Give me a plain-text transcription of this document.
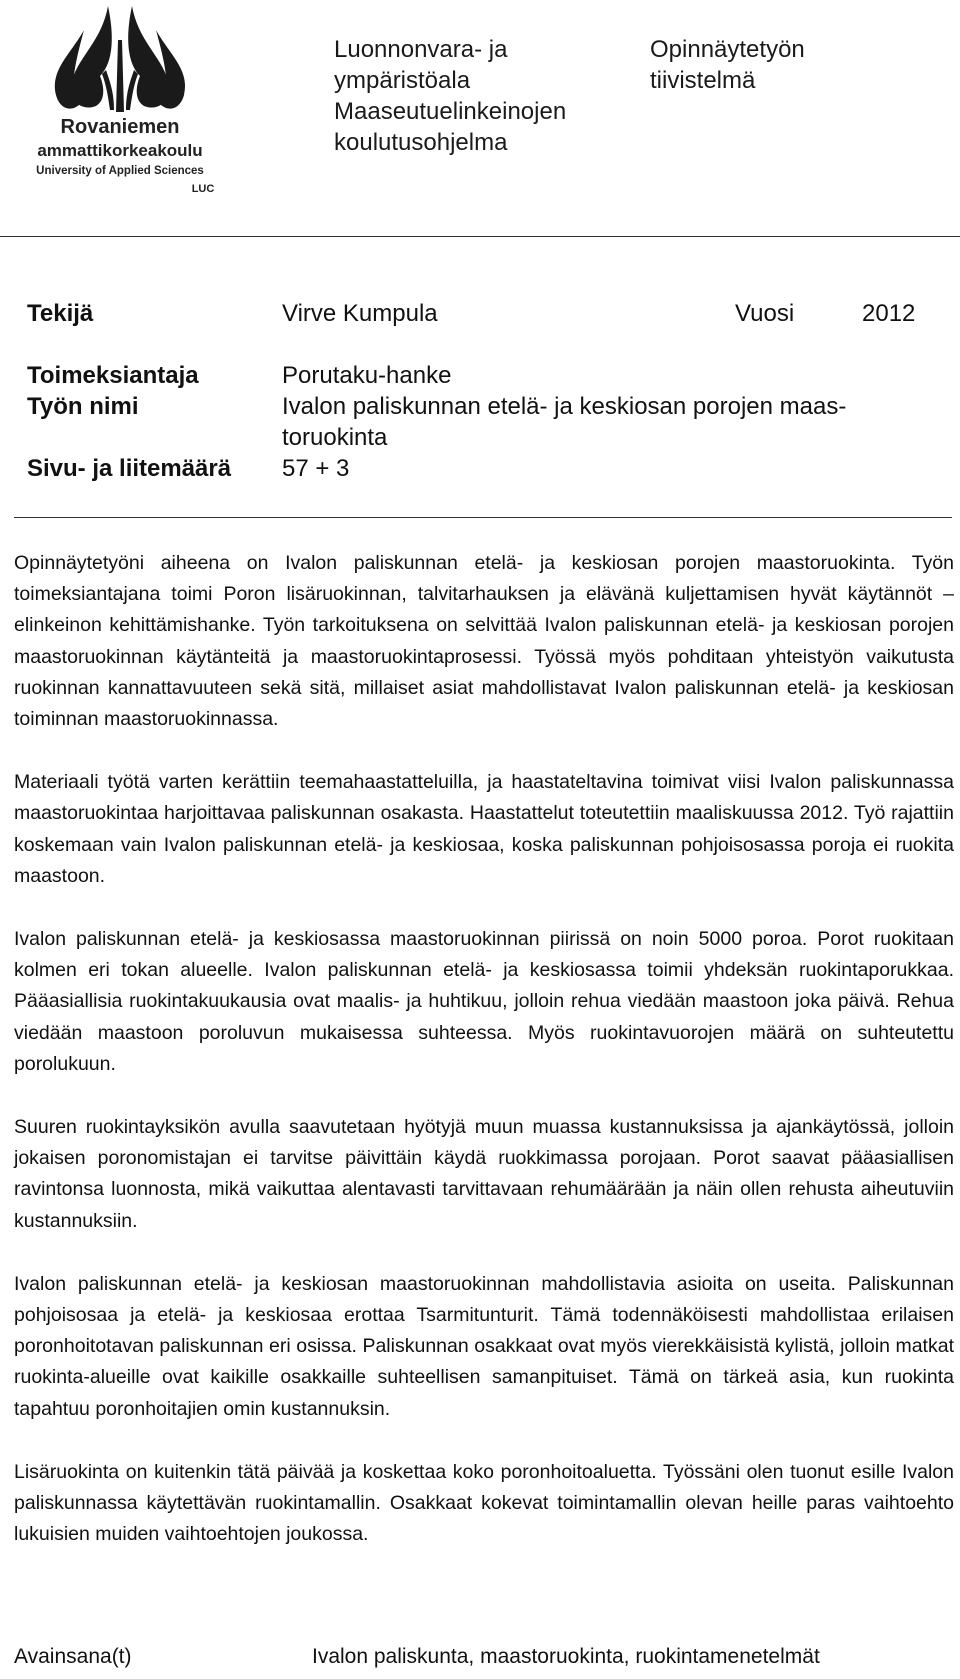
Rovaniemen
ammattikorkeakoulu
University of Applied Sciences
LUC
Luonnonvara- ja
ympäristöala
Maaseutuelinkeinojen
koulutusohjelma
Opinnäytetyön
tiivistelmä
Tekijä	Virve Kumpula	Vuosi	2012
Toimeksiantaja	Porutaku-hanke
Työn nimi	Ivalon paliskunnan etelä- ja keskiosan porojen maas-
toruokinta
Sivu- ja liitemäärä 57 + 3

Opinnäytetyöni aiheena on Ivalon paliskunnan etelä- ja keskiosan porojen maastoruokinta. Työn toimeksiantajana toimi Poron lisäruokinnan, talvitarhauksen ja elävänä kuljettamisen hyvät käytännöt – elinkeinon kehittämishanke. Työn tarkoituksena on selvittää Ivalon paliskunnan etelä- ja keskiosan porojen maastoruokinnan käytänteitä ja maastoruokintaprosessi. Työssä myös pohditaan yhteistyön vaikutusta ruokinnan kannattavuuteen sekä sitä, millaiset asiat mahdollistavat Ivalon paliskunnan etelä- ja keskiosan toiminnan maastoruokinnassa.

Materiaali työtä varten kerättiin teemahaastatteluilla, ja haastateltavina toimivat viisi Ivalon paliskunnassa maastoruokintaa harjoittavaa paliskunnan osakasta. Haastattelut toteutettiin maaliskuussa 2012. Työ rajattiin koskemaan vain Ivalon paliskunnan etelä- ja keskiosaa, koska paliskunnan pohjoisosassa poroja ei ruokita maastoon.

Ivalon paliskunnan etelä- ja keskiosassa maastoruokinnan piirissä on noin 5000 poroa. Porot ruokitaan kolmen eri tokan alueelle. Ivalon paliskunnan etelä- ja keskiosassa toimii yhdeksän ruokintaporukkaa. Pääasiallisia ruokintakuukausia ovat maalis- ja huhtikuu, jolloin rehua viedään maastoon joka päivä. Rehua viedään maastoon poroluvun mukaisessa suhteessa. Myös ruokintavuorojen määrä on suhteutettu porolukuun.

Suuren ruokintayksikön avulla saavutetaan hyötyjä muun muassa kustannuksissa ja ajankäytössä, jolloin jokaisen poronomistajan ei tarvitse päivittäin käydä ruokkimassa porojaan. Porot saavat pääasiallisen ravintonsa luonnosta, mikä vaikuttaa alentavasti tarvittavaan rehumäärään ja näin ollen rehusta aiheutuviin kustannuksiin.

Ivalon paliskunnan etelä- ja keskiosan maastoruokinnan mahdollistavia asioita on useita. Paliskunnan pohjoisosaa ja etelä- ja keskiosaa erottaa Tsarmitunturit. Tämä todennäköisesti mahdollistaa erilaisen poronhoitotavan paliskunnan eri osissa. Paliskunnan osakkaat ovat myös vierekkäisistä kylistä, jolloin matkat ruokinta-alueille ovat kaikille osakkaille suhteellisen samanpituiset. Tämä on tärkeä asia, kun ruokinta tapahtuu poronhoitajien omin kustannuksin.

Lisäruokinta on kuitenkin tätä päivää ja koskettaa koko poronhoitoaluetta. Työssäni olen tuonut esille Ivalon paliskunnassa käytettävän ruokintamallin. Osakkaat kokevat toimintamallin olevan heille paras vaihtoehto lukuisien muiden vaihtoehtojen joukossa.

Avainsana(t)	Ivalon paliskunta, maastoruokinta, ruokintamenetelmät
